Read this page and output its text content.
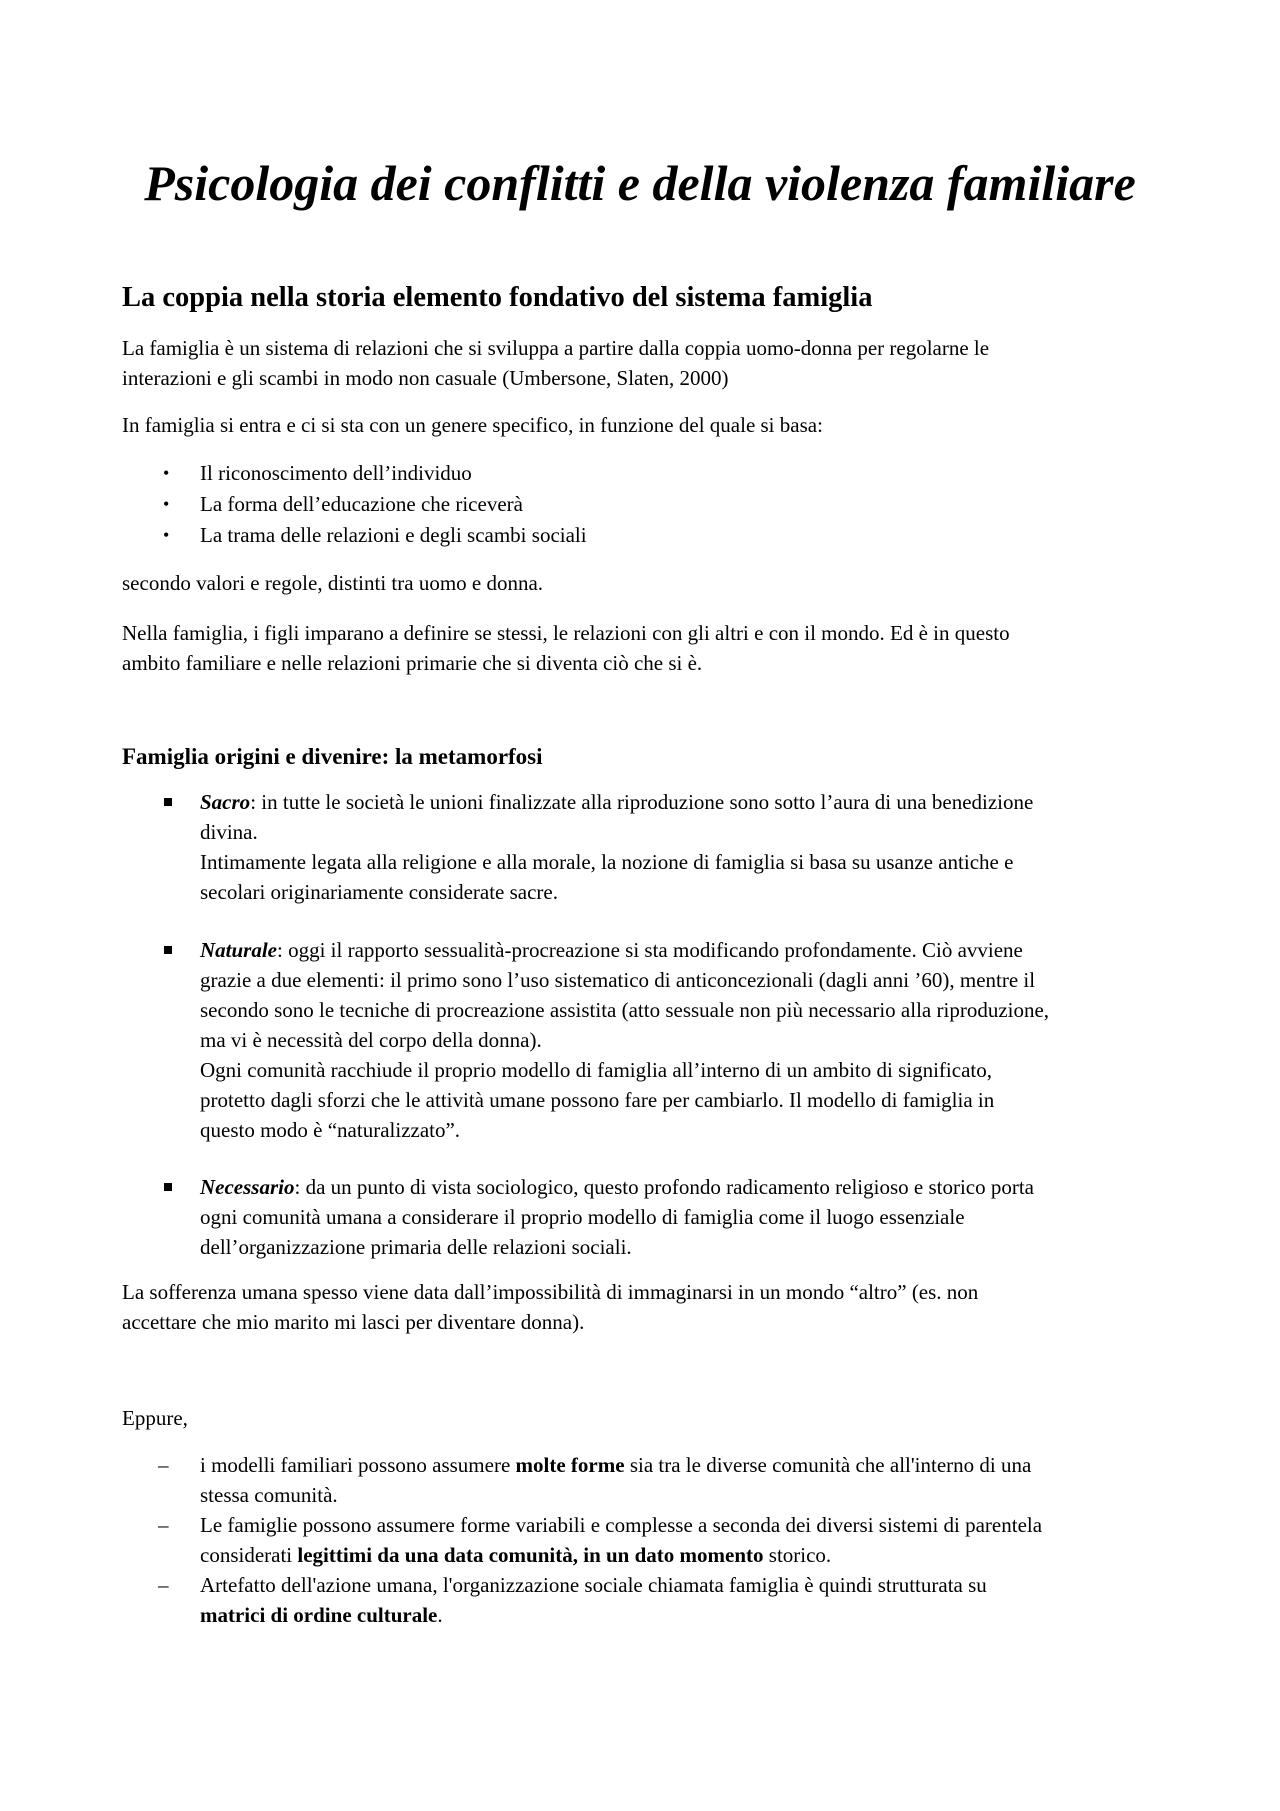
Psicologia dei conflitti e della violenza familiare
La coppia nella storia elemento fondativo del sistema famiglia

La famiglia è un sistema di relazioni che si sviluppa a partire dalla coppia uomo-donna per regolarne le
interazioni e gli scambi in modo non casuale (Umbersone, Slaten, 2000)

In famiglia si entra e ci si sta con un genere specifico, in funzione del quale si basa:

• Il riconoscimento dell’individuo
• La forma dell’educazione che riceverà
• La trama delle relazioni e degli scambi sociali

secondo valori e regole, distinti tra uomo e donna.

Nella famiglia, i figli imparano a definire se stessi, le relazioni con gli altri e con il mondo. Ed è in questo
ambito familiare e nelle relazioni primarie che si diventa ciò che si è.

Famiglia origini e divenire: la metamorfosi
Sacro: in tutte le società le unioni finalizzate alla riproduzione sono sotto l’aura di una benedizione
divina.
Intimamente legata alla religione e alla morale, la nozione di famiglia si basa su usanze antiche e
secolari originariamente considerate sacre.
Naturale: oggi il rapporto sessualità-procreazione si sta modificando profondamente. Ciò avviene
grazie a due elementi: il primo sono l’uso sistematico di anticoncezionali (dagli anni ’60), mentre il
secondo sono le tecniche di procreazione assistita (atto sessuale non più necessario alla riproduzione,
ma vi è necessità del corpo della donna).
Ogni comunità racchiude il proprio modello di famiglia all’interno di un ambito di significato,
protetto dagli sforzi che le attività umane possono fare per cambiarlo. Il modello di famiglia in
questo modo è “naturalizzato”.
Necessario: da un punto di vista sociologico, questo profondo radicamento religioso e storico porta
ogni comunità umana a considerare il proprio modello di famiglia come il luogo essenziale
dell’organizzazione primaria delle relazioni sociali.

La sofferenza umana spesso viene data dall’impossibilità di immaginarsi in un mondo “altro” (es. non
accettare che mio marito mi lasci per diventare donna).

Eppure,

– i modelli familiari possono assumere molte forme sia tra le diverse comunità che all'interno di una
stessa comunità.
– Le famiglie possono assumere forme variabili e complesse a seconda dei diversi sistemi di parentela
considerati legittimi da una data comunità, in un dato momento storico.
– Artefatto dell'azione umana, l'organizzazione sociale chiamata famiglia è quindi strutturata su
matrici di ordine culturale.
